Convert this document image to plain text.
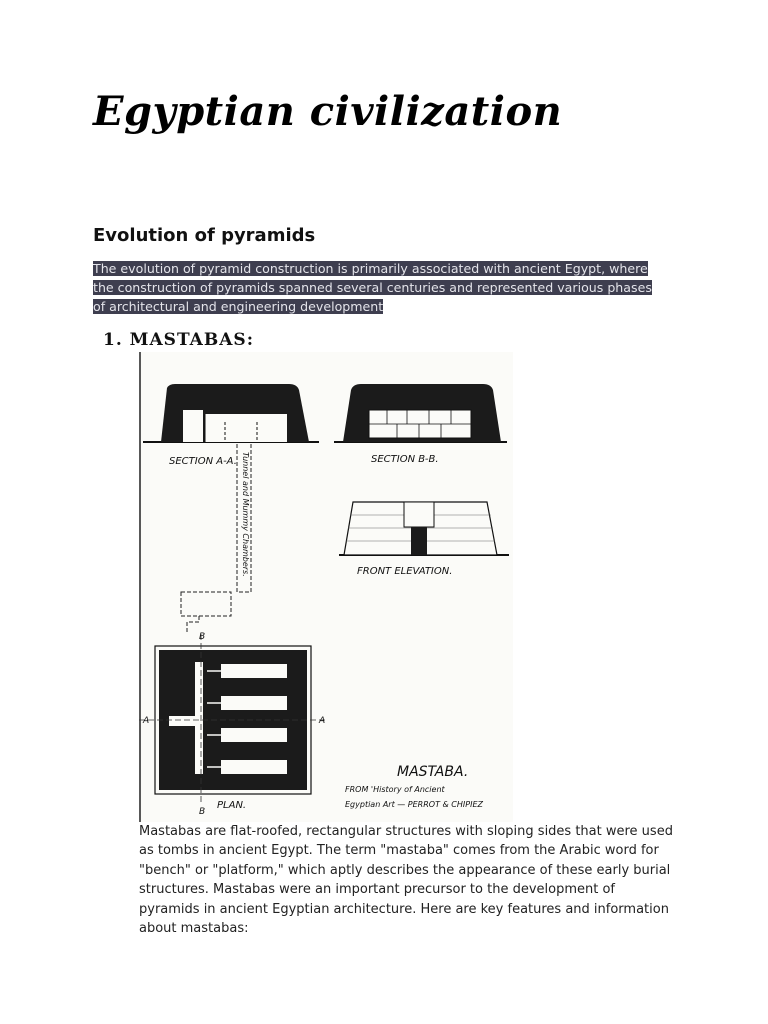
Egyptian civilization
Evolution of pyramids

The evolution of pyramid construction is primarily associated with ancient Egypt, where the construction of pyramids spanned several centuries and represented various phases of architectural and engineering development

1. MASTABAS:
SECTION A-A.	SECTION B-B.
FRONT ELEVATION.
Tunnel and Mummy Chambers.
A	A
B
B
PLAN.
MASTABA.
FROM 'History of Ancient
Egyptian Art — PERROT & CHIPIEZ

Mastabas are flat-roofed, rectangular structures with sloping sides that were used as tombs in ancient Egypt. The term "mastaba" comes from the Arabic word for "bench" or "platform," which aptly describes the appearance of these early burial structures. Mastabas were an important precursor to the development of pyramids in ancient Egyptian architecture. Here are key features and information about mastabas:
